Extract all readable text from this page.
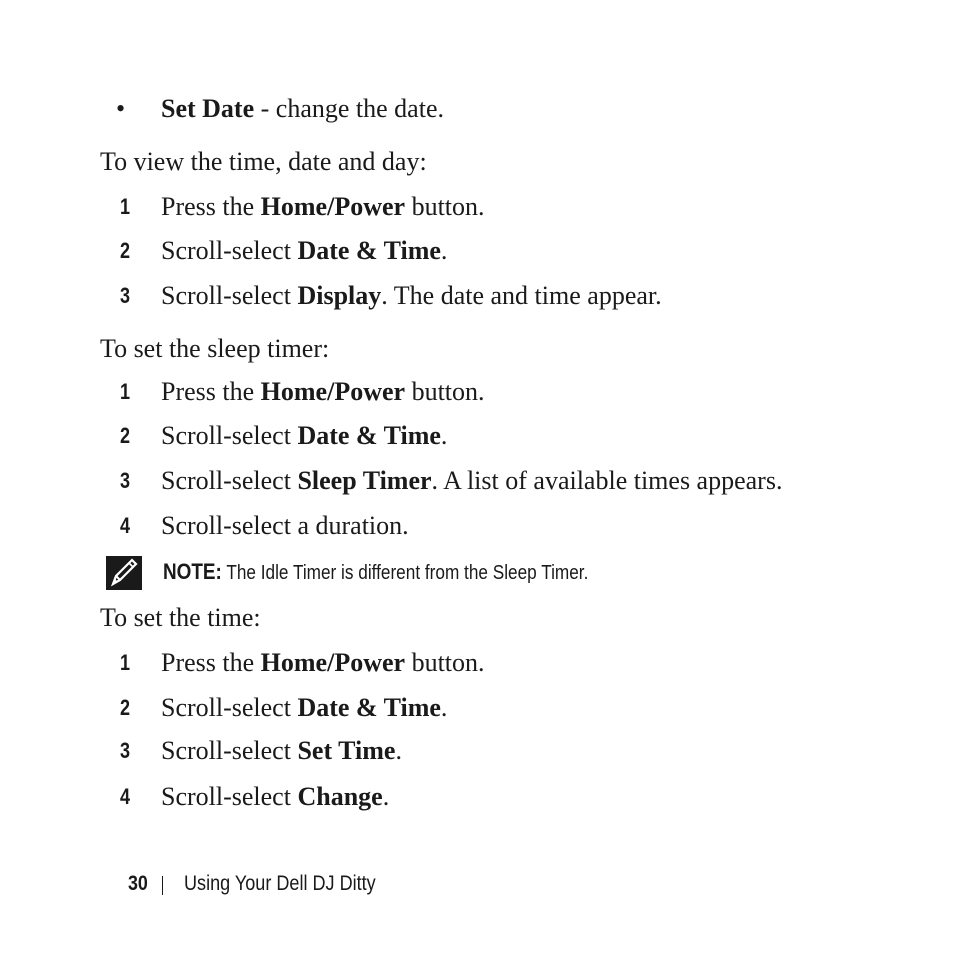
• Set Date - change the date.
To view the time, date and day:
1 Press the Home/Power button.
2 Scroll-select Date & Time.
3 Scroll-select Display. The date and time appear.
To set the sleep timer:
1 Press the Home/Power button.
2 Scroll-select Date & Time.
3 Scroll-select Sleep Timer. A list of available times appears.
4 Scroll-select a duration.
NOTE: The Idle Timer is different from the Sleep Timer.
To set the time:
1 Press the Home/Power button.
2 Scroll-select Date & Time.
3 Scroll-select Set Time.
4 Scroll-select Change.
30 Using Your Dell DJ Ditty
